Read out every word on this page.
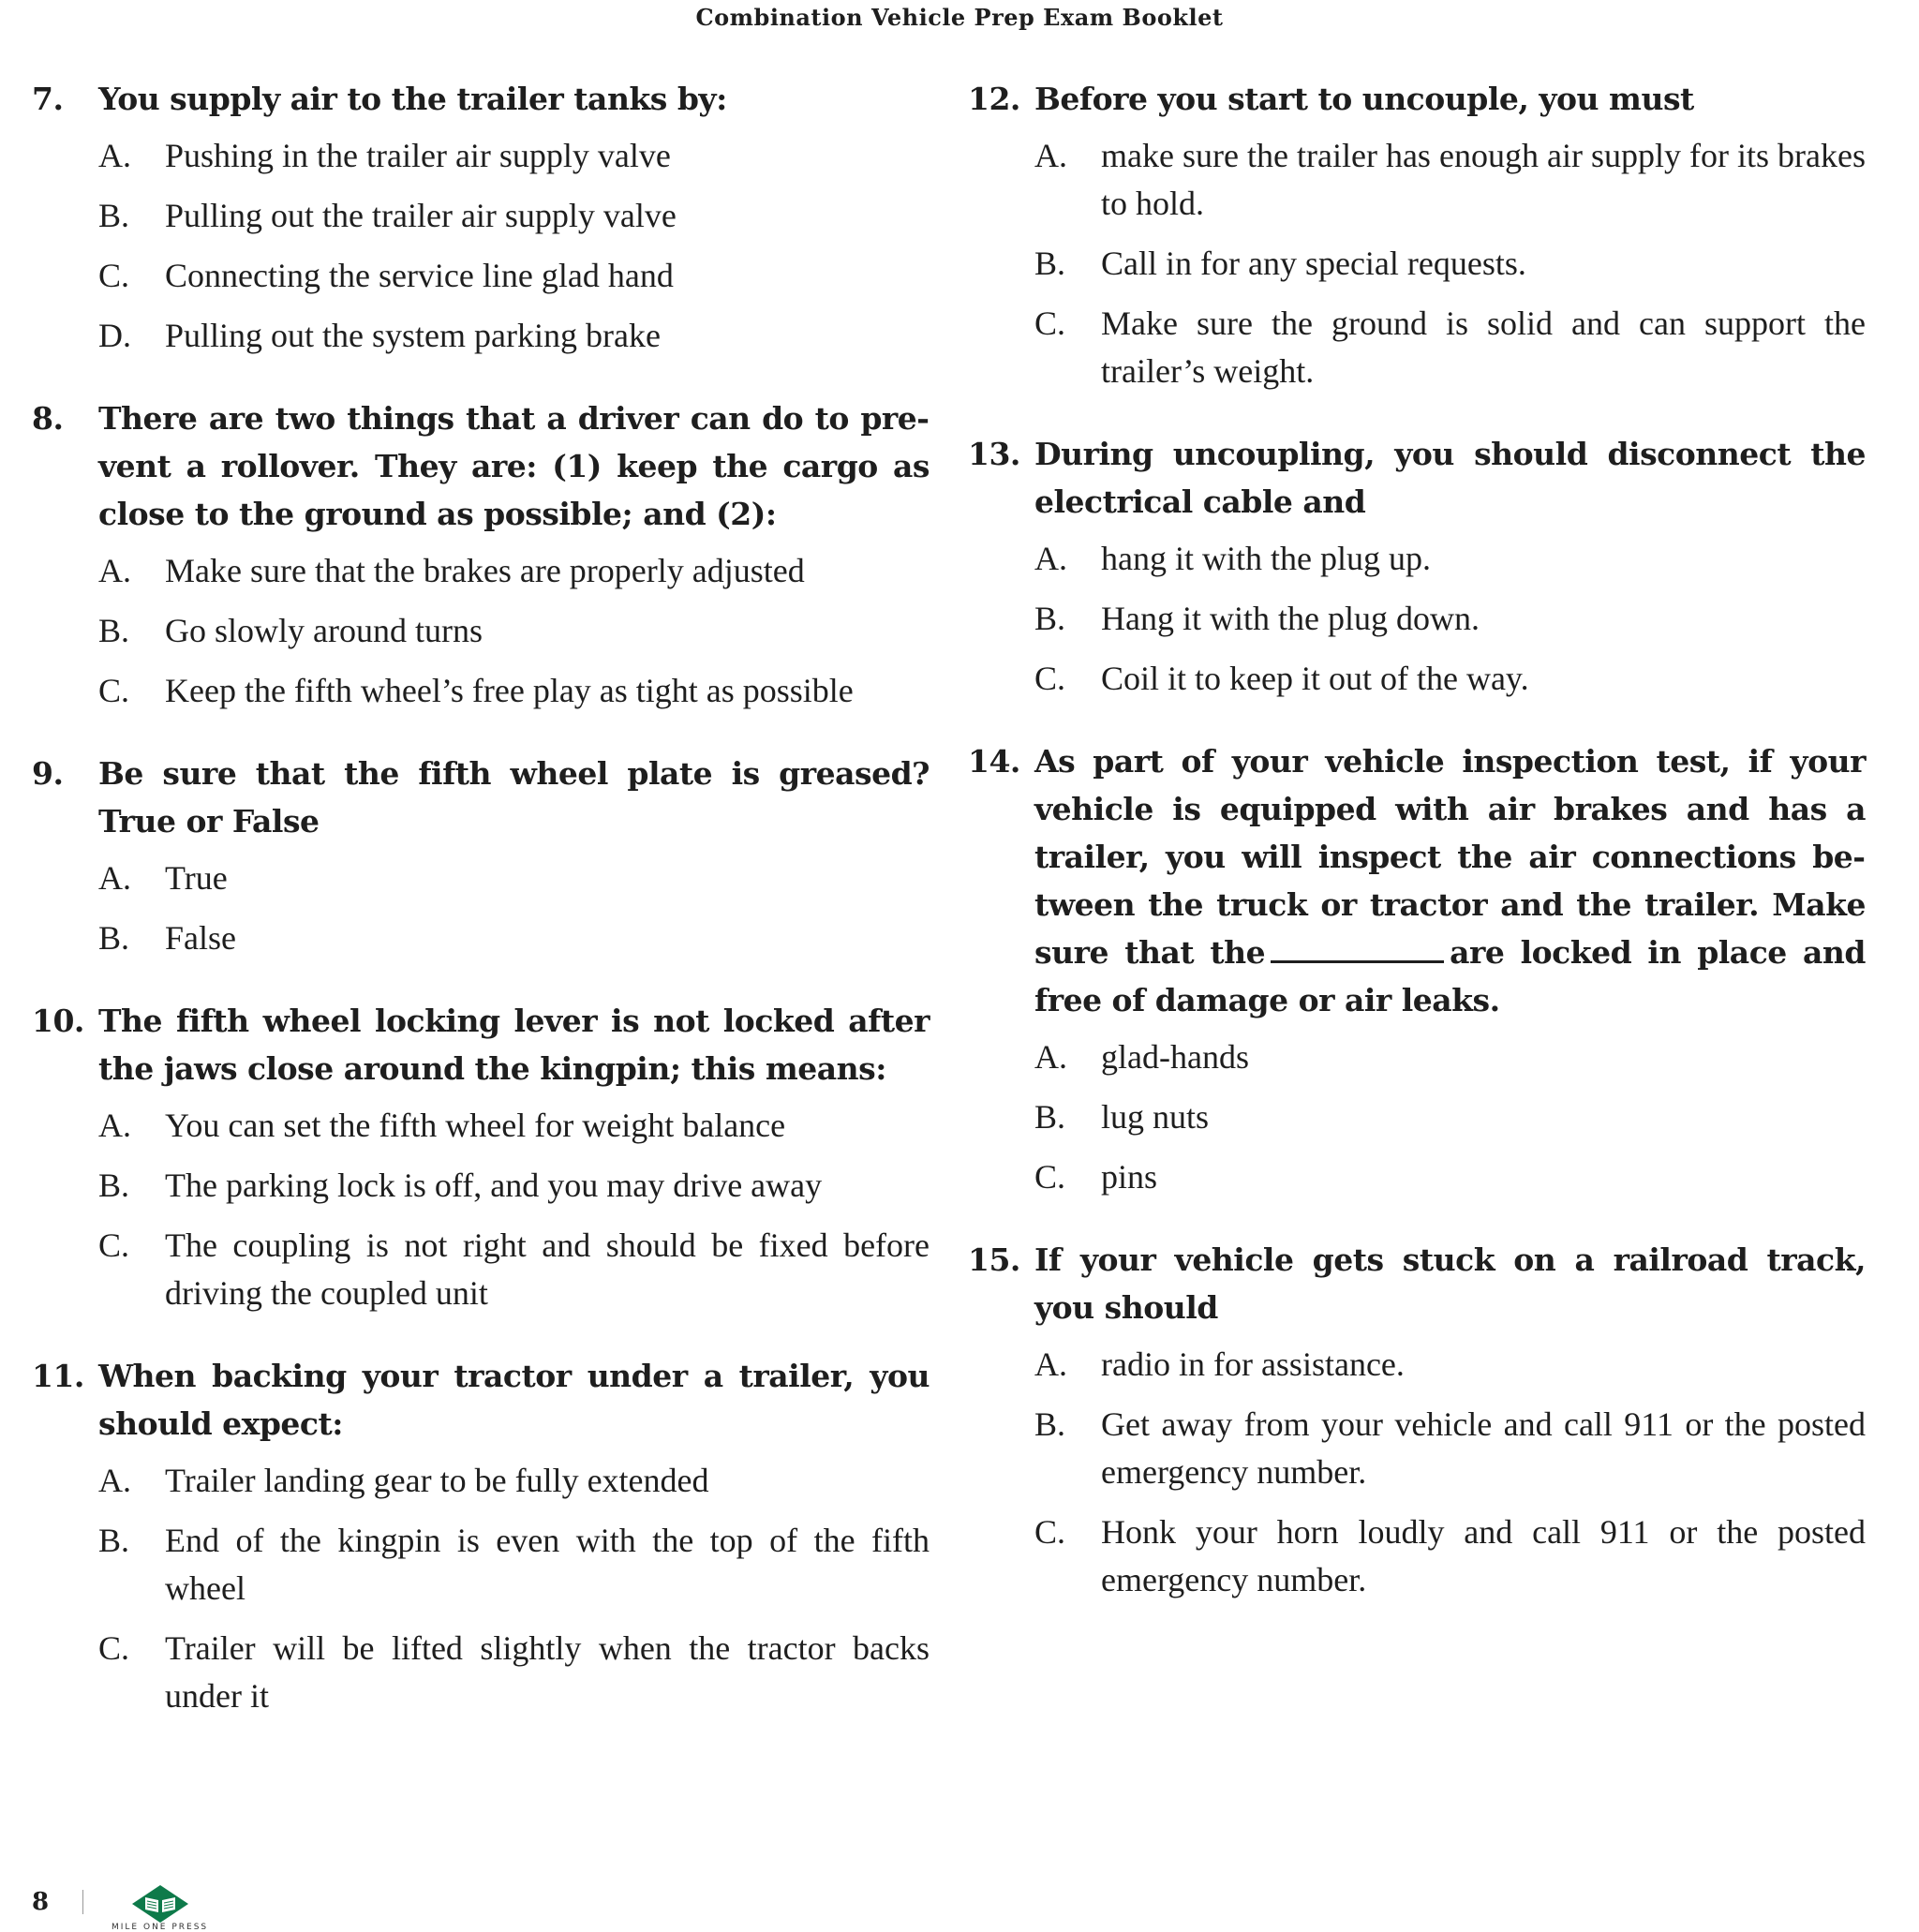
Combination Vehicle Prep Exam Booklet
7.	You supply air to the trailer tanks by:
A.	Pushing in the trailer air supply valve
B.	Pulling out the trailer air supply valve
C.	Connecting the service line glad hand
D.	Pulling out the system parking brake
8.	There are two things that a driver can do to prevent a rollover. They are: (1) keep the cargo as close to the ground as possible; and (2):
A.	Make sure that the brakes are properly adjusted
B.	Go slowly around turns
C.	Keep the fifth wheel’s free play as tight as possible
9.	Be sure that the fifth wheel plate is greased? True or False
A.	True
B.	False
10. The fifth wheel locking lever is not locked after the jaws close around the kingpin; this means:
A.	You can set the fifth wheel for weight balance
B.	The parking lock is off, and you may drive away
C.	The coupling is not right and should be fixed before driving the coupled unit
11. When backing your tractor under a trailer, you should expect:
A.	Trailer landing gear to be fully extended
B.	End of the kingpin is even with the top of the fifth wheel
C.	Trailer will be lifted slightly when the tractor backs under it
12. Before you start to uncouple, you must
A.	make sure the trailer has enough air supply for its brakes to hold.
B.	Call in for any special requests.
C.	Make sure the ground is solid and can support the trailer’s weight.
13. During uncoupling, you should disconnect the electrical cable and
A.	hang it with the plug up.
B.	Hang it with the plug down.
C.	Coil it to keep it out of the way.
14. As part of your vehicle inspection test, if your vehicle is equipped with air brakes and has a trailer, you will inspect the air connections between the truck or tractor and the trailer. Make sure that the	are locked in place and free of damage or air leaks.
A.	glad-hands
B.	lug nuts
C.	pins
15. If your vehicle gets stuck on a railroad track, you should
A.	radio in for assistance.
B.	Get away from your vehicle and call 911 or the posted emergency number.
C.	Honk your horn loudly and call 911 or the posted emergency number.
8
MILE ONE PRESS
